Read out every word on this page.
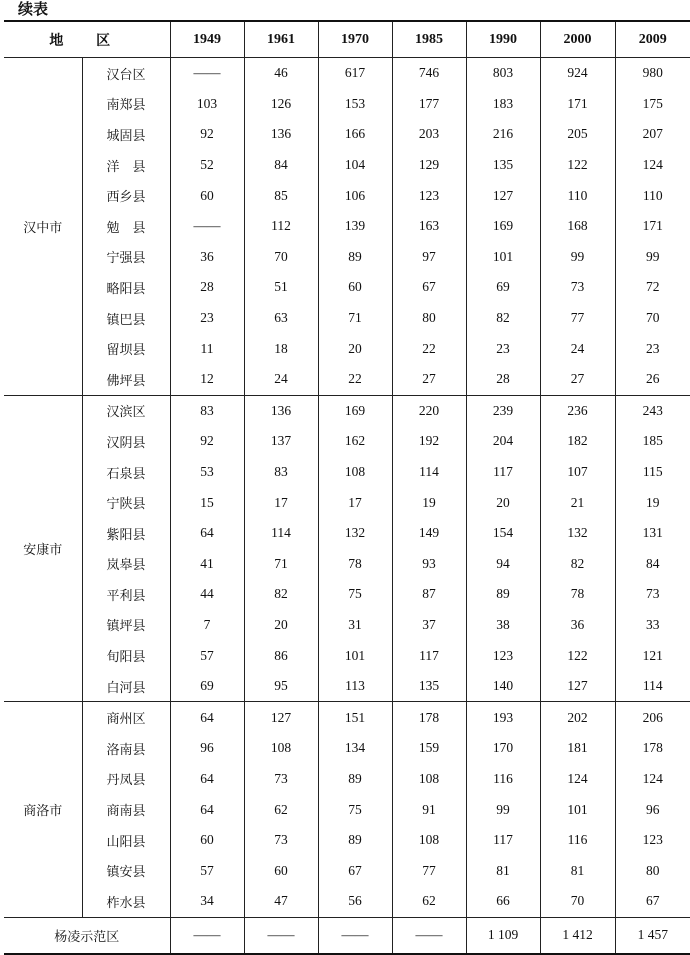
续表
地 区		1949	1961	1970	1985	1990	2000	2009
汉中市	汉台区	——	46	617	746	803	924	980
	南郑县	103	126	153	177	183	171	175
	城固县	92	136	166	203	216	205	207
	洋　县	52	84	104	129	135	122	124
	西乡县	60	85	106	123	127	110	110
	勉　县	——	112	139	163	169	168	171
	宁强县	36	70	89	97	101	99	99
	略阳县	28	51	60	67	69	73	72
	镇巴县	23	63	71	80	82	77	70
	留坝县	11	18	20	22	23	24	23
	佛坪县	12	24	22	27	28	27	26
安康市	汉滨区	83	136	169	220	239	236	243
	汉阴县	92	137	162	192	204	182	185
	石泉县	53	83	108	114	117	107	115
	宁陕县	15	17	17	19	20	21	19
	紫阳县	64	114	132	149	154	132	131
	岚皋县	41	71	78	93	94	82	84
	平利县	44	82	75	87	89	78	73
	镇坪县	7	20	31	37	38	36	33
	旬阳县	57	86	101	117	123	122	121
	白河县	69	95	113	135	140	127	114
商洛市	商州区	64	127	151	178	193	202	206
	洛南县	96	108	134	159	170	181	178
	丹凤县	64	73	89	108	116	124	124
	商南县	64	62	75	91	99	101	96
	山阳县	60	73	89	108	117	116	123
	镇安县	57	60	67	77	81	81	80
	柞水县	34	47	56	62	66	70	67
杨凌示范区		——	——	——	——	1 109	1 412	1 457
